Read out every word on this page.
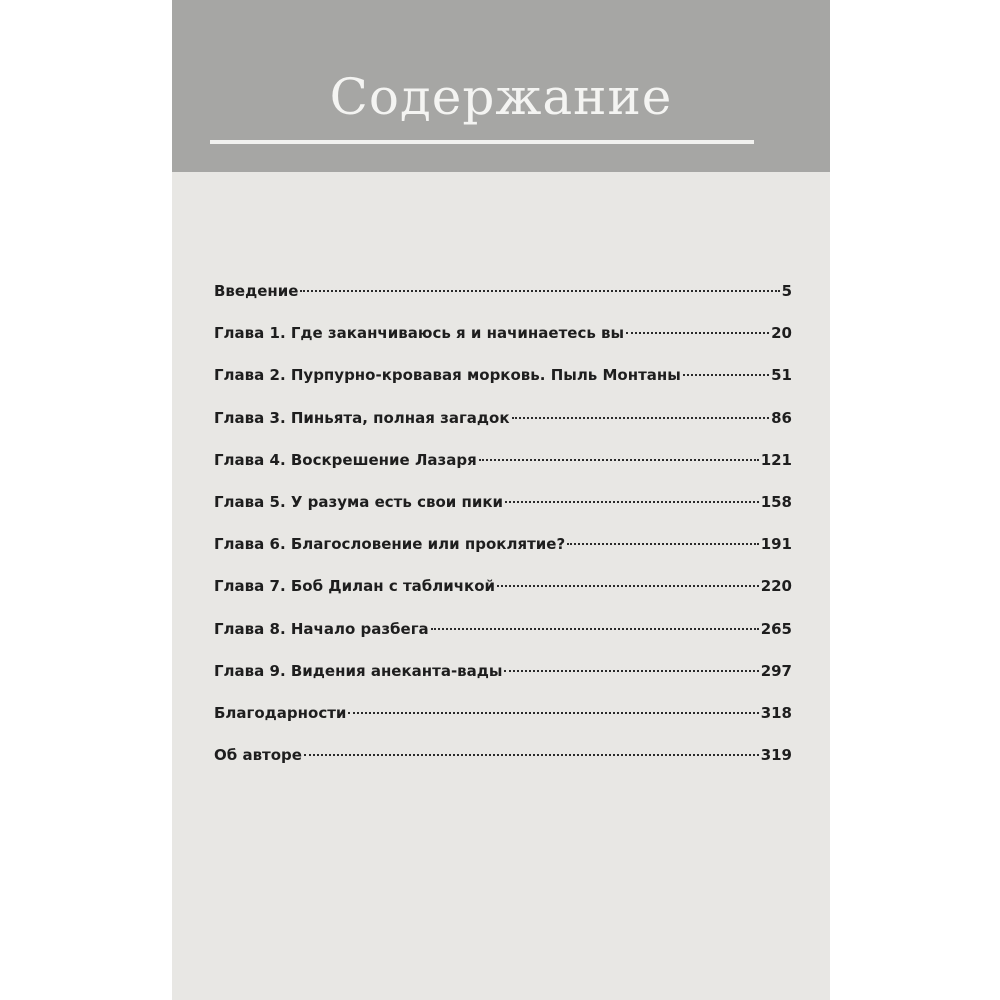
Содержание
Введение	5
Глава 1. Где заканчиваюсь я и начинаетесь вы	20
Глава 2. Пурпурно-кровавая морковь. Пыль Монтаны	51
Глава 3. Пиньята, полная загадок	86
Глава 4. Воскрешение Лазаря	121
Глава 5. У разума есть свои пики	158
Глава 6. Благословение или проклятие?	191
Глава 7. Боб Дилан с табличкой	220
Глава 8. Начало разбега	265
Глава 9. Видения анеканта-вады	297
Благодарности	318
Об авторе	319
